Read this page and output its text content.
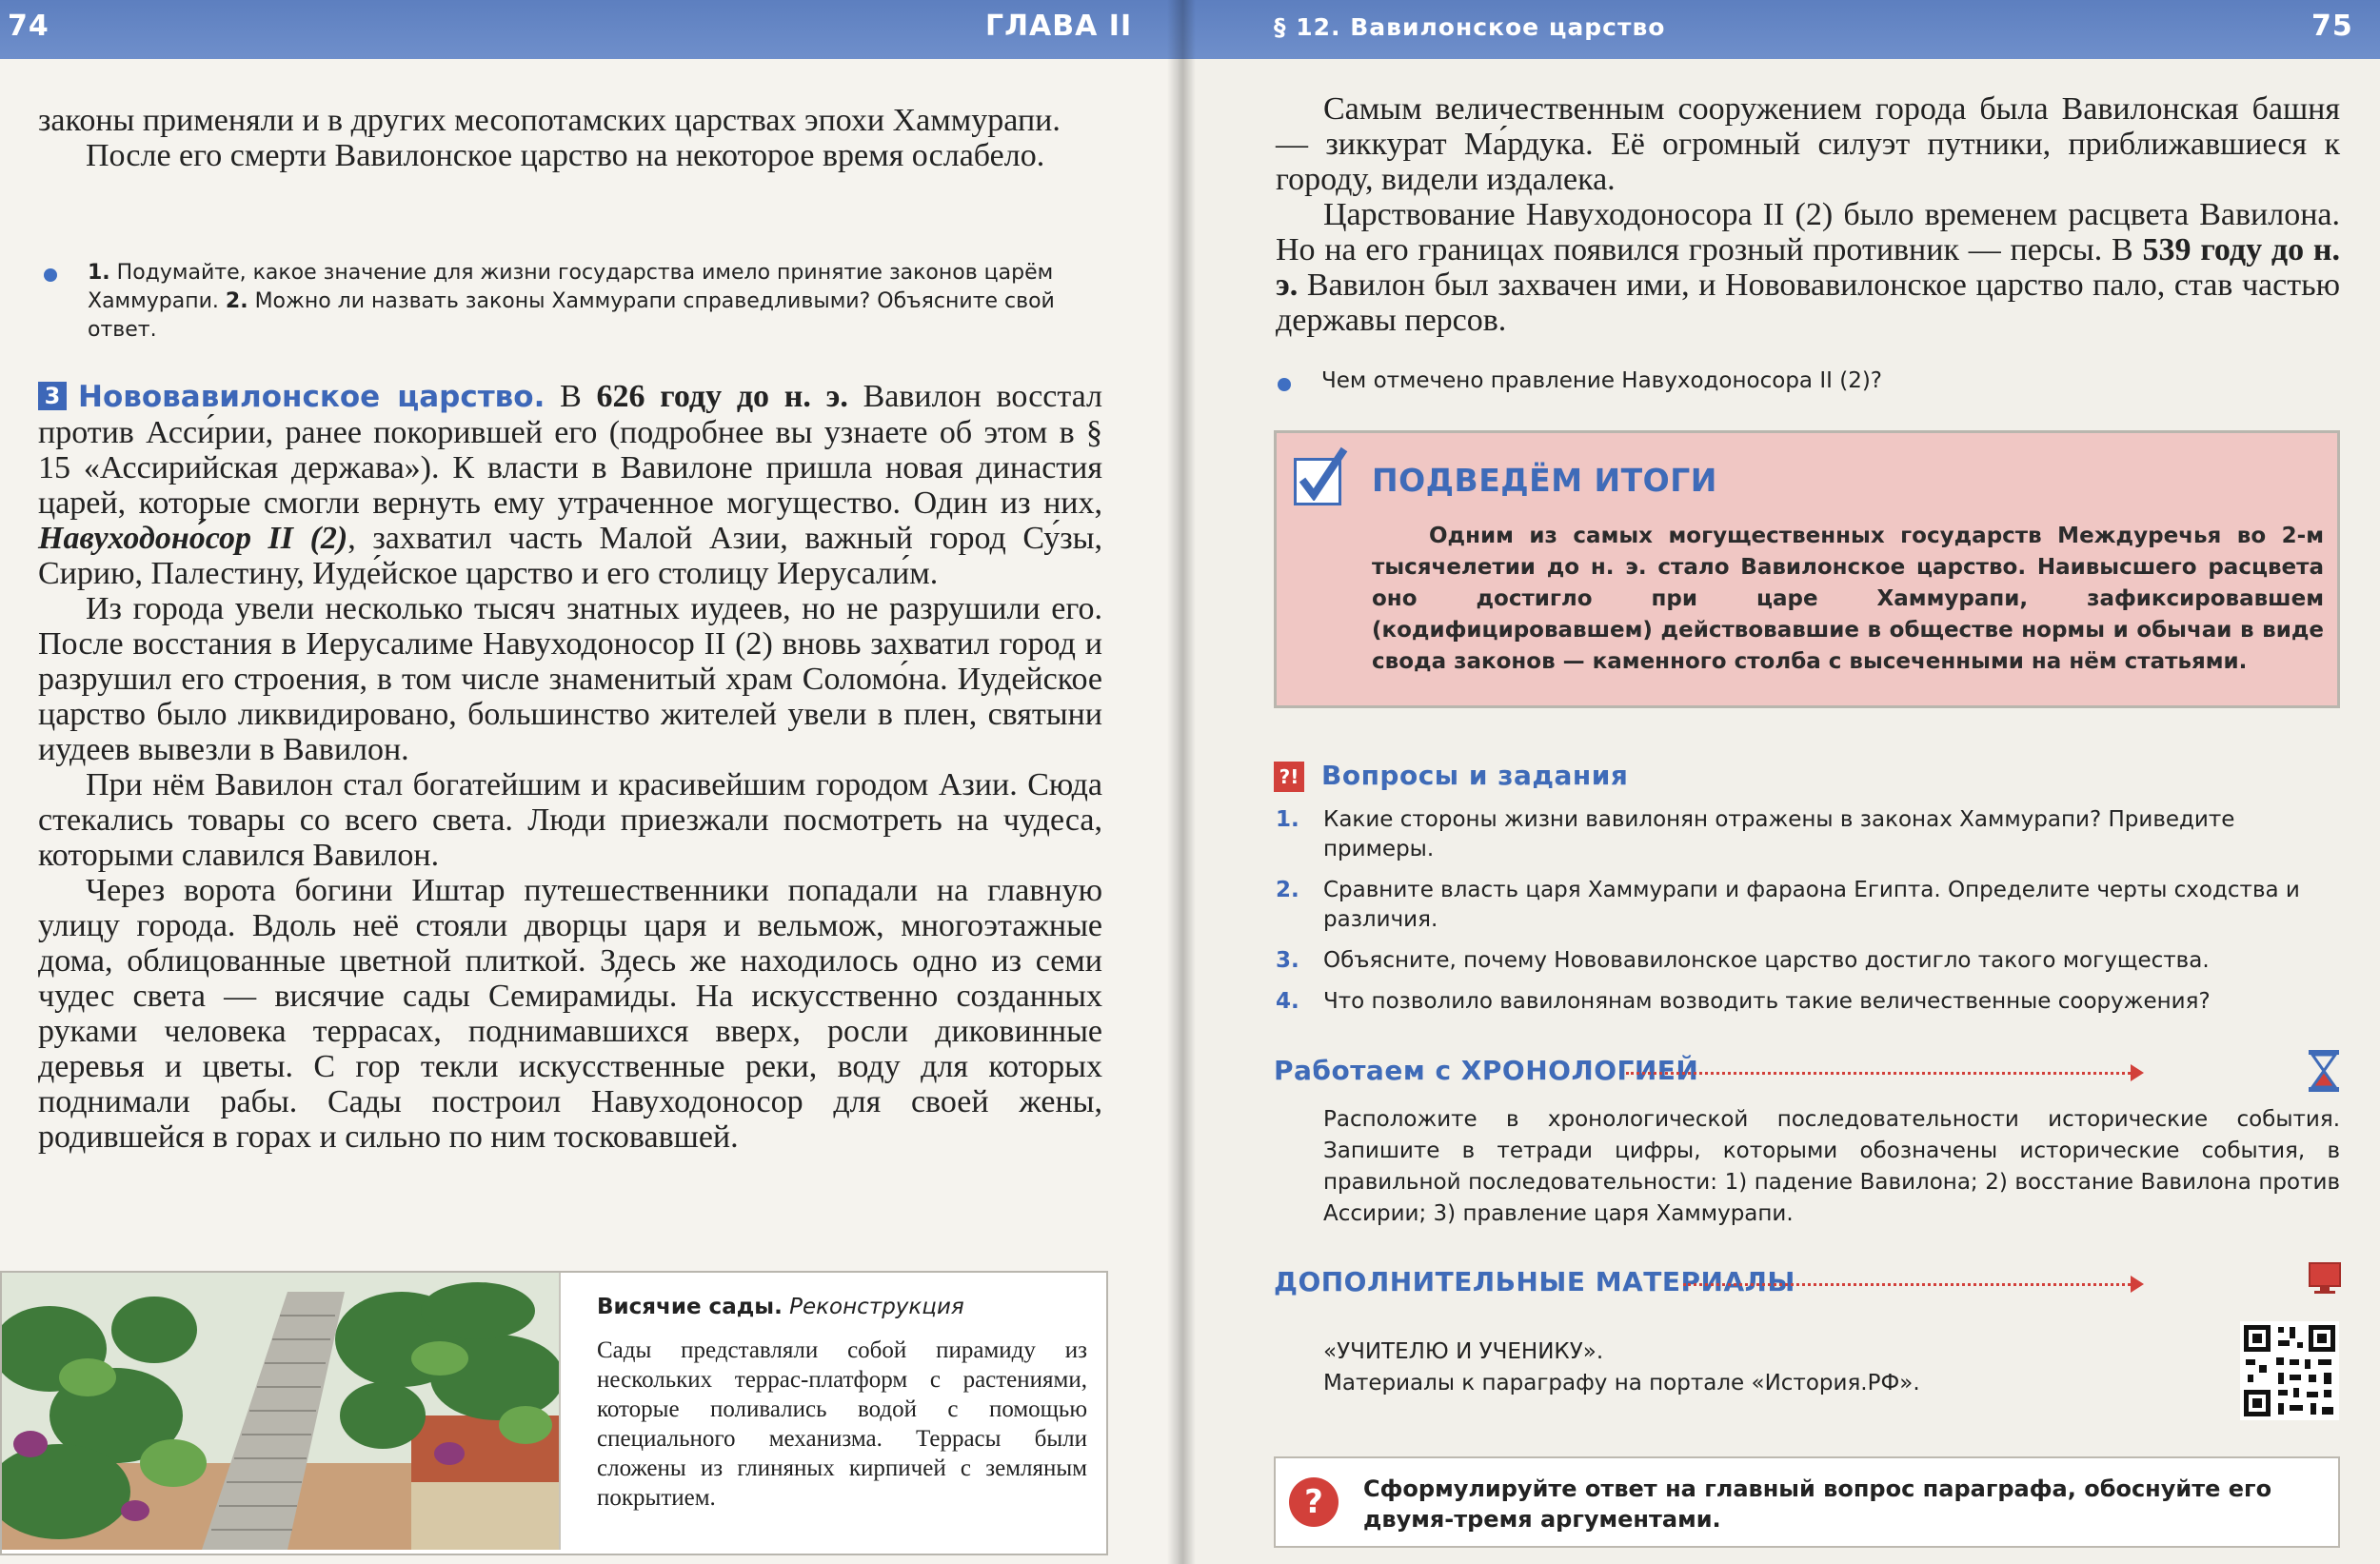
74	ГЛАВА II

законы применяли и в других месопотамских царствах эпохи Хаммурапи.

После его смерти Вавилонское царство на некоторое время ослабело.

1. Подумайте, какое значение для жизни государства имело принятие законов царём Хаммурапи. 2. Можно ли назвать законы Хаммурапи справедливыми? Объясните свой ответ.

3 Нововавилонское царство. В 626 году до н. э. Вавилон восстал против Асси́рии, ранее покорившей его (подробнее вы узнаете об этом в § 15 «Ассирийская держава»). К власти в Вавилоне пришла новая династия царей, которые смогли вернуть ему утраченное могущество. Один из них, Навуходоно́сор II (2), захватил часть Малой Азии, важный город Су́зы, Сирию, Палестину, Иуде́йское царство и его столицу Иерусали́м.

Из города увели несколько тысяч знатных иудеев, но не разрушили его. После восстания в Иерусалиме Навуходоносор II (2) вновь захватил город и разрушил его строения, в том числе знаменитый храм Соломо́на. Иудейское царство было ликвидировано, большинство жителей увели в плен, святыни иудеев вывезли в Вавилон.

При нём Вавилон стал богатейшим и красивейшим городом Азии. Сюда стекались товары со всего света. Люди приезжали посмотреть на чудеса, которыми славился Вавилон.

Через ворота богини Иштар путешественники попадали на главную улицу города. Вдоль неё стояли дворцы царя и вельмож, многоэтажные дома, облицованные цветной плиткой. Здесь же находилось одно из семи чудес света — висячие сады Семирами́ды. На искусственно созданных руками человека террасах, поднимавшихся вверх, росли диковинные деревья и цветы. С гор текли искусственные реки, воду для которых поднимали рабы. Сады построил Навуходоносор для своей жены, родившейся в горах и сильно по ним тосковавшей.

Висячие сады. Реконструкция
Сады представляли собой пирамиду из нескольких террас-платформ с растениями, которые поливались водой с помощью специального механизма. Террасы были сложены из глиняных кирпичей с земляным покрытием.
§ 12. Вавилонское царство	75

Самым величественным сооружением города была Вавилонская башня — зиккурат Ма́рдука. Её огромный силуэт путники, приближавшиеся к городу, видели издалека.

Царствование Навуходоносора II (2) было временем расцвета Вавилона. Но на его границах появился грозный противник — персы. В 539 году до н. э. Вавилон был захвачен ими, и Нововавилонское царство пало, став частью державы персов.

Чем отмечено правление Навуходоносора II (2)?
ПОДВЕДЁМ ИТОГИ
Одним из самых могущественных государств Междуречья во 2-м тысячелетии до н. э. стало Вавилонское царство. Наивысшего расцвета оно достигло при царе Хаммурапи, зафиксировавшем (кодифицировавшем) действовавшие в обществе нормы и обычаи в виде свода законов — каменного столба с высеченными на нём статьями.
?! Вопросы и задания
1. Какие стороны жизни вавилонян отражены в законах Хаммурапи? Приведите примеры.
2. Сравните власть царя Хаммурапи и фараона Египта. Определите черты сходства и различия.
3. Объясните, почему Нововавилонское царство достигло такого могущества.
4. Что позволило вавилонянам возводить такие величественные сооружения?
Работаем с ХРОНОЛОГИЕЙ
Расположите в хронологической последовательности исторические события. Запишите в тетради цифры, которыми обозначены исторические события, в правильной последовательности: 1) падение Вавилона; 2) восстание Вавилона против Ассирии; 3) правление царя Хаммурапи.
ДОПОЛНИТЕЛЬНЫЕ МАТЕРИАЛЫ
«УЧИТЕЛЮ И УЧЕНИКУ».
Материалы к параграфу на портале «История.РФ».
?	Сформулируйте ответ на главный вопрос параграфа, обоснуйте его двумя-тремя аргументами.
